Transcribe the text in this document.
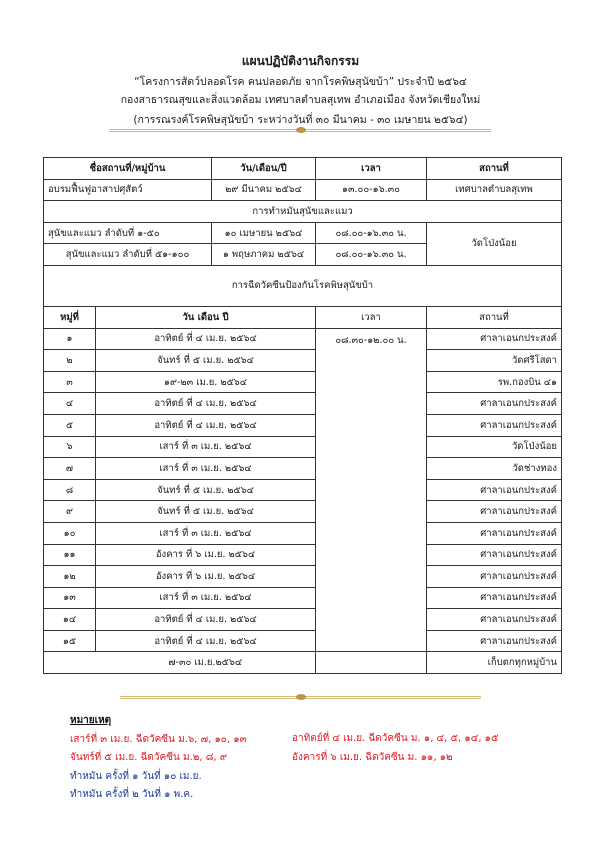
แผนปฏิบัติงานกิจกรรม
“โครงการสัตว์ปลอดโรค คนปลอดภัย จากโรคพิษสุนัขบ้า” ประจำปี ๒๕๖๔
กองสาธารณสุขและสิ่งแวดล้อม เทศบาลตำบลสุเทพ อำเภอเมือง จังหวัดเชียงใหม่
(การรณรงค์โรคพิษสุนัขบ้า ระหว่างวันที่ ๓๐ มีนาคม - ๓๐ เมษายน ๒๕๖๔)
ชื่อสถานที่/หมู่บ้าน		วัน/เดือน/ปี	เวลา	สถานที่
อบรมฟื้นฟูอาสาปศุสัตว์		๒๙ มีนาคม ๒๕๖๔	๑๓.๐๐-๑๖.๓๐	เทศบาลตำบลสุเทพ
การทำหมันสุนัขและแมว				
สุนัขและแมว ลำดับที่ ๑-๕๐		๑๐ เมษายน ๒๕๖๔	๐๘.๐๐-๑๖.๓๐ น.	วัดโป่งน้อย
สุนัขและแมว ลำดับที่ ๕๑-๑๐๐		๑ พฤษภาคม ๒๕๖๔	๐๘.๐๐-๑๖.๓๐ น.	
การฉีดวัคซีนป้องกันโรคพิษสุนัขบ้า				
หมู่ที่	วัน เดือน ปี		เวลา	สถานที่
๑	อาทิตย์ ที่ ๔ เม.ย. ๒๕๖๔		๐๘.๓๐-๑๒.๐๐ น.	ศาลาเอนกประสงค์
๒	จันทร์ ที่ ๕ เม.ย. ๒๕๖๔			วัดศรีโสดา
๓	๑๙-๒๓ เม.ย. ๒๕๖๔			รพ.กองบิน ๔๑
๔	อาทิตย์ ที่ ๔ เม.ย. ๒๕๖๔			ศาลาเอนกประสงค์
๕	อาทิตย์ ที่ ๔ เม.ย. ๒๕๖๔			ศาลาเอนกประสงค์
๖	เสาร์ ที่ ๓ เม.ย. ๒๕๖๔			วัดโป่งน้อย
๗	เสาร์ ที่ ๓ เม.ย. ๒๕๖๔			วัดช่างทอง
๘	จันทร์ ที่ ๕ เม.ย. ๒๕๖๔			ศาลาเอนกประสงค์
๙	จันทร์ ที่ ๕ เม.ย. ๒๕๖๔			ศาลาเอนกประสงค์
๑๐	เสาร์ ที่ ๓ เม.ย. ๒๕๖๔			ศาลาเอนกประสงค์
๑๑	อังคาร ที่ ๖ เม.ย. ๒๕๖๔			ศาลาเอนกประสงค์
๑๒	อังคาร ที่ ๖ เม.ย. ๒๕๖๔			ศาลาเอนกประสงค์
๑๓	เสาร์ ที่ ๓ เม.ย. ๒๕๖๔			ศาลาเอนกประสงค์
๑๔	อาทิตย์ ที่ ๔ เม.ย. ๒๕๖๔			ศาลาเอนกประสงค์
๑๕	อาทิตย์ ที่ ๔ เม.ย. ๒๕๖๔			ศาลาเอนกประสงค์
	๗-๓๐ เม.ย.๒๕๖๔			เก็บตกทุกหมู่บ้าน
หมายเหตุ
เสาร์ที่ ๓ เม.ย. ฉีดวัคซีน ม.๖, ๗, ๑๐, ๑๓
จันทร์ที่ ๕ เม.ย. ฉีดวัคซีน ม.๒, ๘, ๙
ทำหมัน ครั้งที่ ๑ วันที่ ๑๐ เม.ย.
ทำหมัน ครั้งที่ ๒ วันที่ ๑ พ.ค.
อาทิตย์ที่ ๔ เม.ย. ฉีดวัคซีน ม. ๑, ๔, ๕, ๑๔, ๑๕
อังคารที่ ๖ เม.ย. ฉีดวัคซีน ม. ๑๑, ๑๒
